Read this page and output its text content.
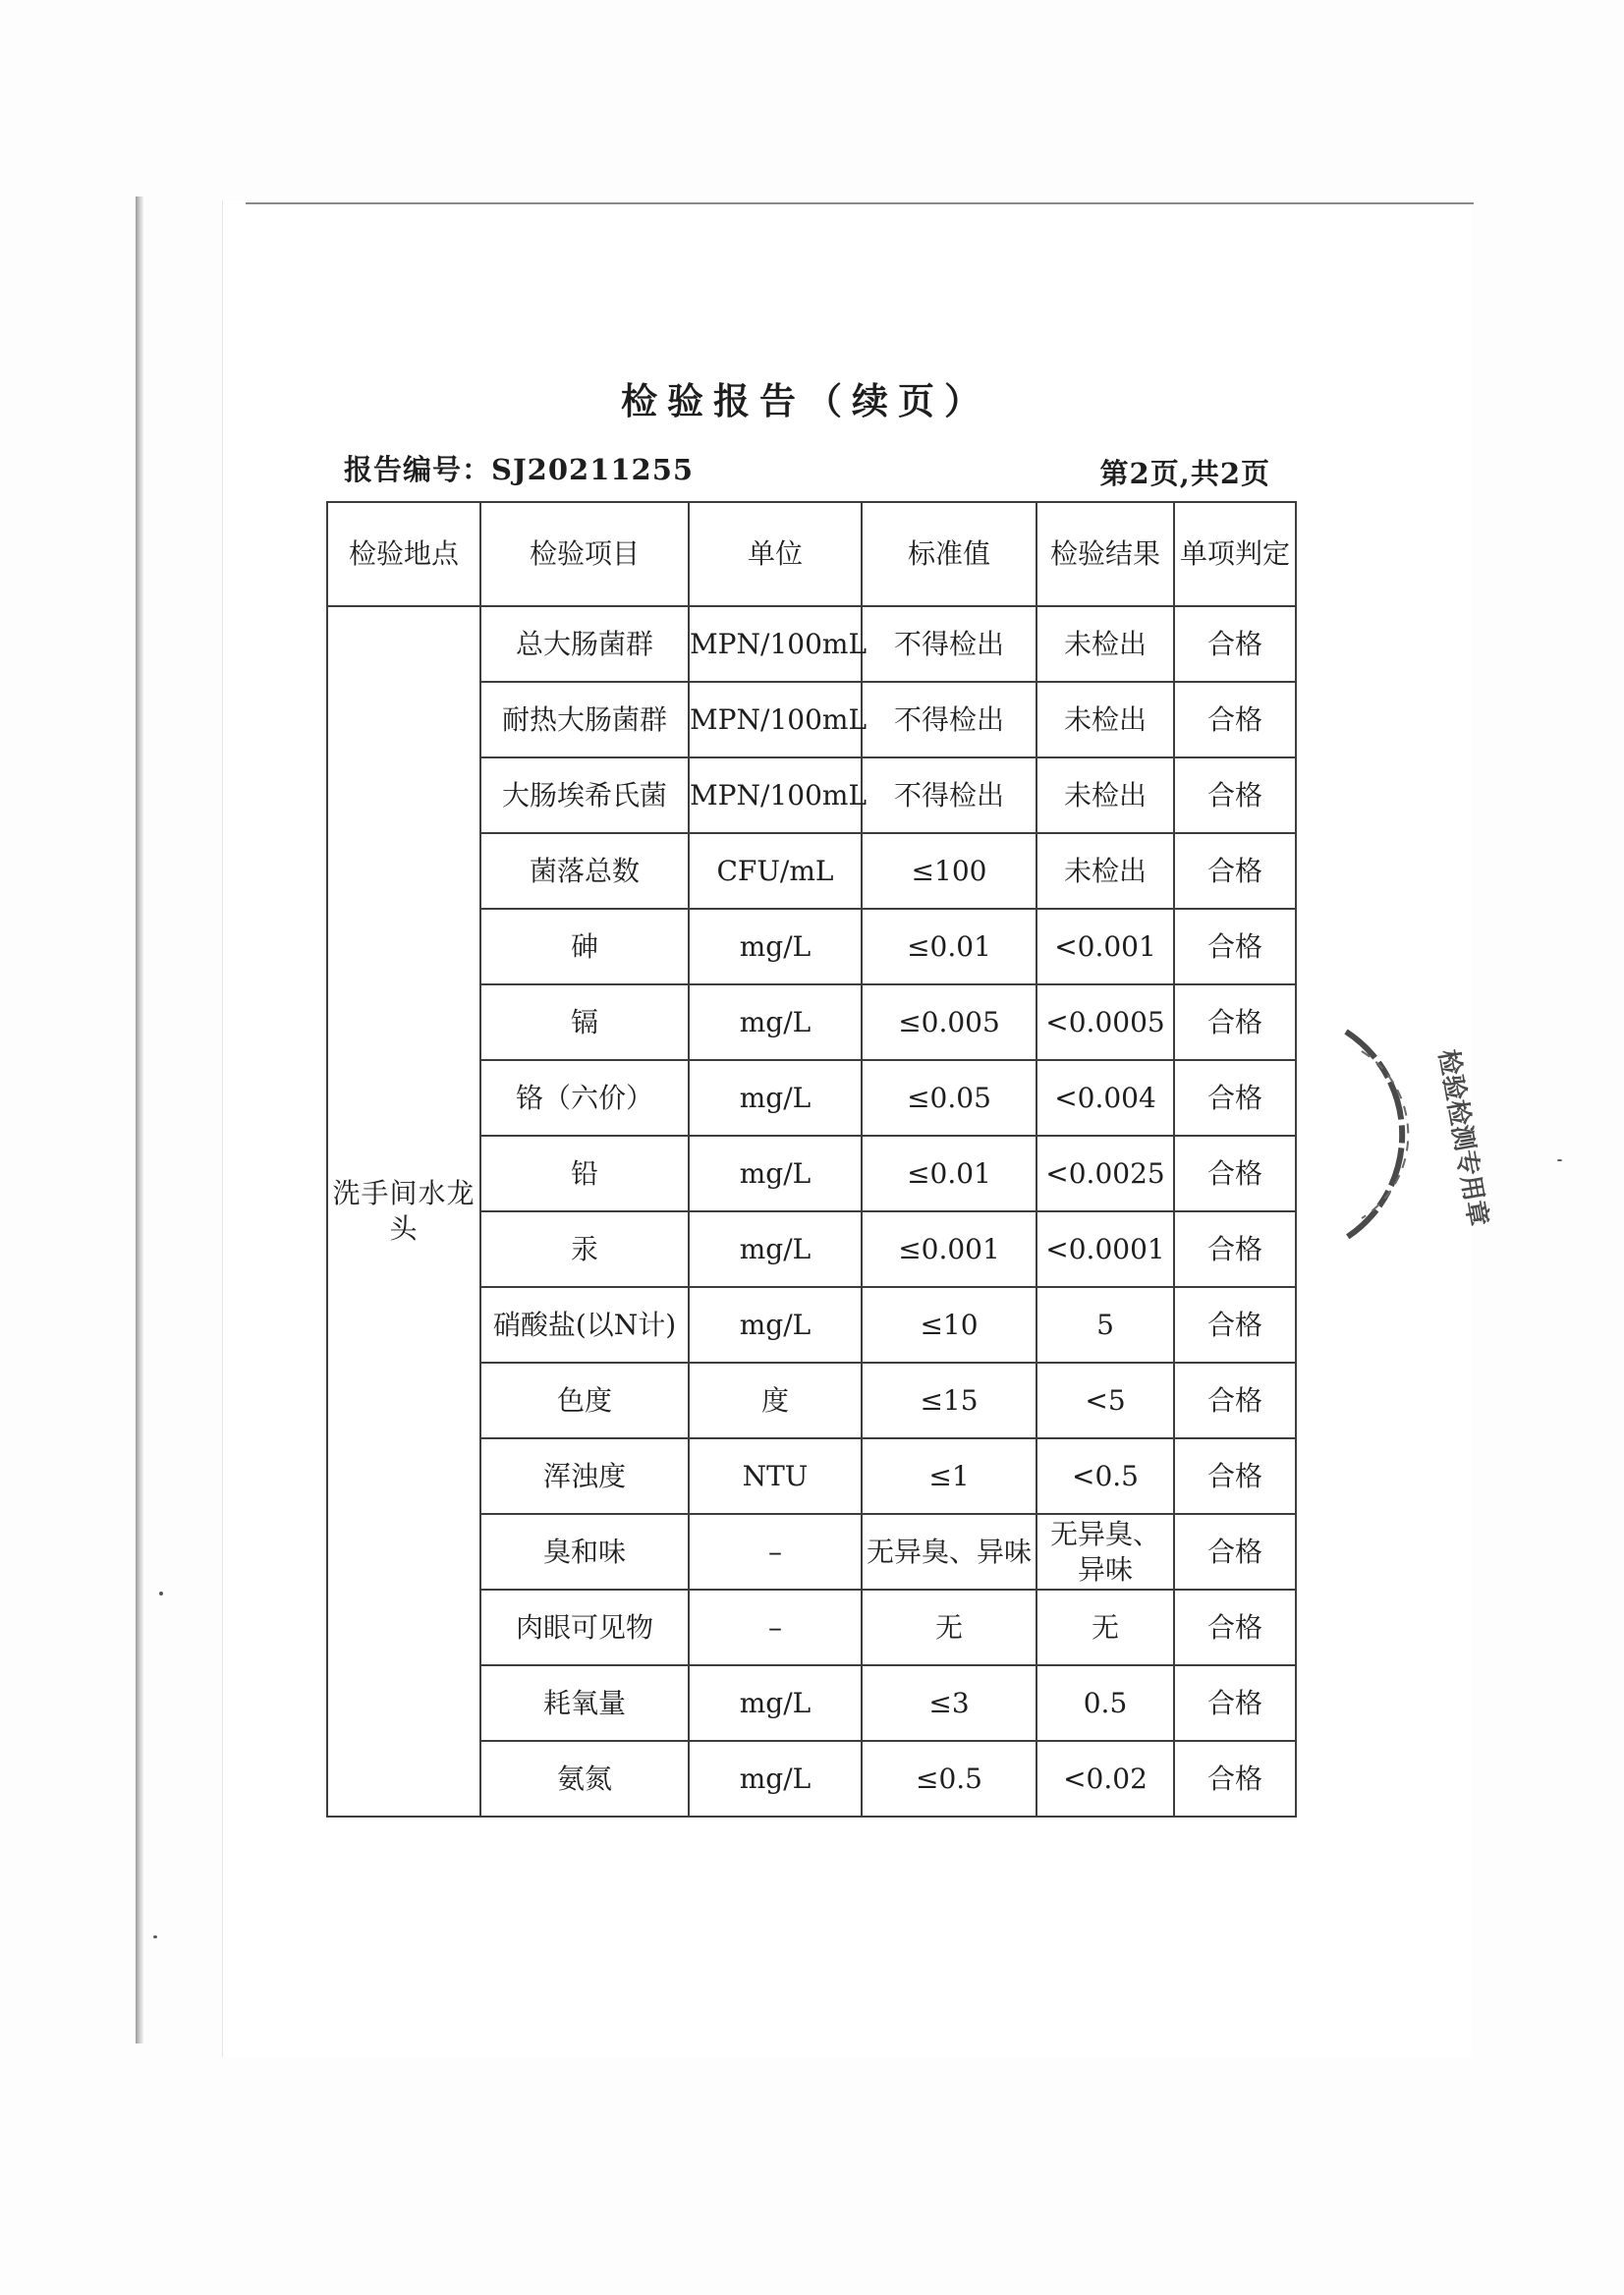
检验报告（续页）
报告编号：SJ20211255	第2页,共2页
检验地点	检验项目	单位	标准值	检验结果	单项判定
洗手间水龙头	总大肠菌群	MPN/100mL	不得检出	未检出	合格
	耐热大肠菌群	MPN/100mL	不得检出	未检出	合格
	大肠埃希氏菌	MPN/100mL	不得检出	未检出	合格
	菌落总数	CFU/mL	≤100	未检出	合格
	砷	mg/L	≤0.01	<0.001	合格
	镉	mg/L	≤0.005	<0.0005	合格
	铬（六价）	mg/L	≤0.05	<0.004	合格
	铅	mg/L	≤0.01	<0.0025	合格
	汞	mg/L	≤0.001	<0.0001	合格
	硝酸盐(以N计)	mg/L	≤10	5	合格
	色度	度	≤15	<5	合格
	浑浊度	NTU	≤1	<0.5	合格
	臭和味	–	无异臭、异味	无异臭、异味	合格
	肉眼可见物	–	无	无	合格
	耗氧量	mg/L	≤3	0.5	合格
	氨氮	mg/L	≤0.5	<0.02	合格
检验检测专用章
